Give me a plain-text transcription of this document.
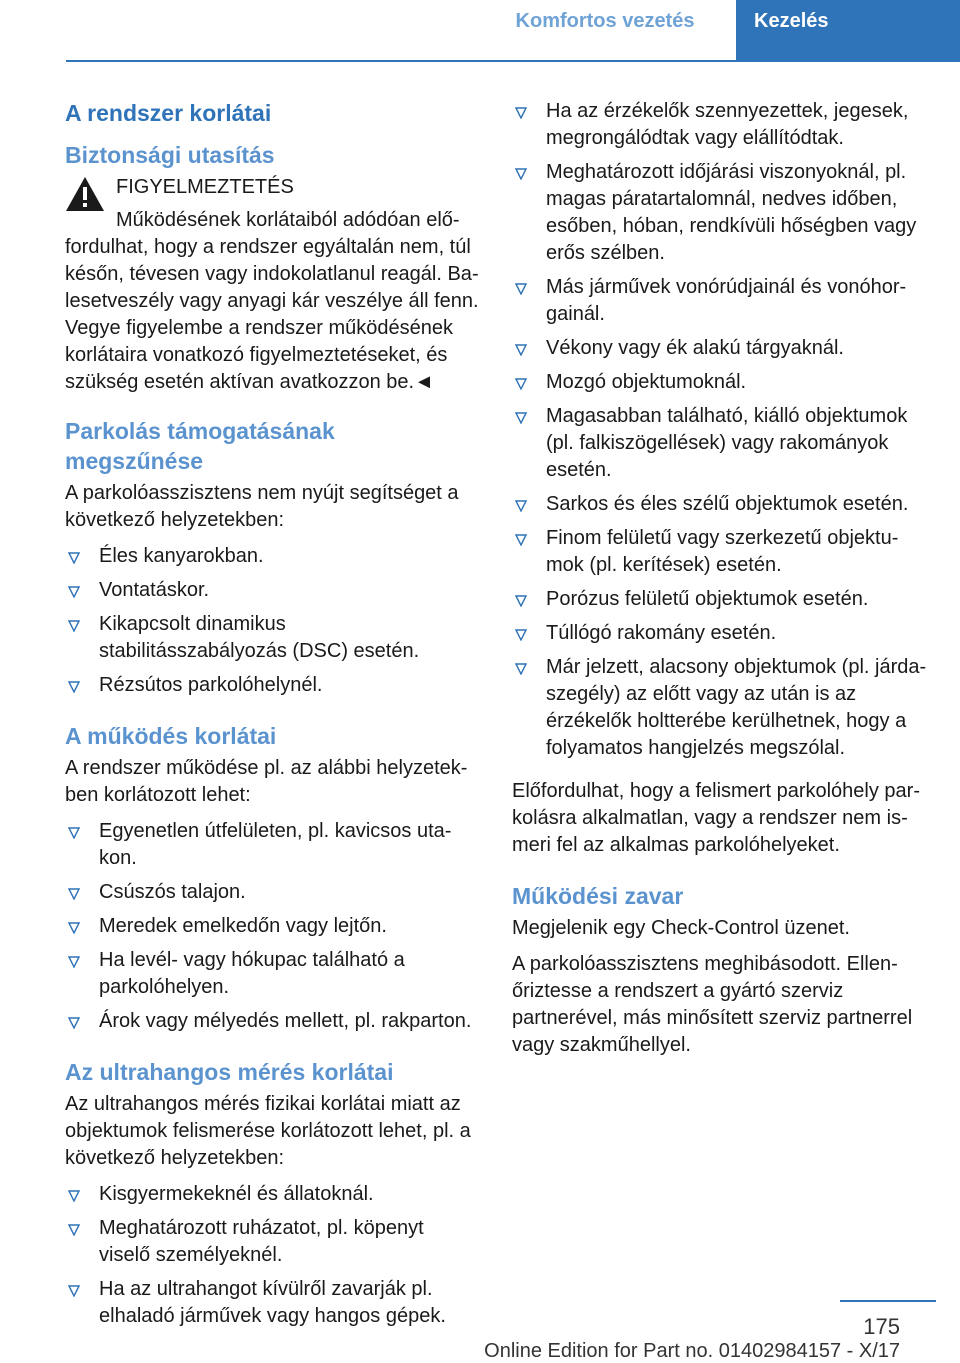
Komfortos vezetés	Kezelés
A rendszer korlátai
Biztonsági utasítás
FIGYELMEZTETÉS

Működésének korlátaiból adódóan előfordulhat, hogy a rendszer egyáltalán nem, túl későn, tévesen vagy indokolatlanul reagál. Balesetveszély vagy anyagi kár veszélye áll fenn. Vegye figyelembe a rendszer működésének korlátaira vonatkozó figyelmeztetéseket, és szükség esetén aktívan avatkozzon be.◄

Parkolás támogatásának megszűnése

A parkolóasszisztens nem nyújt segítséget a következő helyzetekben:

Éles kanyarokban.
Vontatáskor.
Kikapcsolt dinamikus stabilitásszabályozás (DSC) esetén.
Rézsútos parkolóhelynél.
A működés korlátai

A rendszer működése pl. az alábbi helyzetekben korlátozott lehet:

Egyenetlen útfelületen, pl. kavicsos utakon.
Csúszós talajon.
Meredek emelkedőn vagy lejtőn.
Ha levél- vagy hókupac található a parkolóhelyen.
Árok vagy mélyedés mellett, pl. rakparton.
Az ultrahangos mérés korlátai

Az ultrahangos mérés fizikai korlátai miatt az objektumok felismerése korlátozott lehet, pl. a következő helyzetekben:

Kisgyermekeknél és állatoknál.
Meghatározott ruházatot, pl. köpenyt viselő személyeknél.
Ha az ultrahangot kívülről zavarják pl. elhaladó járművek vagy hangos gépek.
Ha az érzékelők szennyezettek, jegesek, megrongálódtak vagy elállítódtak.
Meghatározott időjárási viszonyoknál, pl. magas páratartalomnál, nedves időben, esőben, hóban, rendkívüli hőségben vagy erős szélben.
Más járművek vonórúdjainál és vonóhorgainál.
Vékony vagy ék alakú tárgyaknál.
Mozgó objektumoknál.
Magasabban található, kiálló objektumok (pl. falkiszögellések) vagy rakományok esetén.
Sarkos és éles szélű objektumok esetén.
Finom felületű vagy szerkezetű objektumok (pl. kerítések) esetén.
Porózus felületű objektumok esetén.
Túllógó rakomány esetén.
Már jelzett, alacsony objektumok (pl. járdaszegély) az előtt vagy az után is az érzékelők holtterébe kerülhetnek, hogy a folyamatos hangjelzés megszólal.

Előfordulhat, hogy a felismert parkolóhely parkolásra alkalmatlan, vagy a rendszer nem ismeri fel az alkalmas parkolóhelyeket.

Működési zavar

Megjelenik egy Check-Control üzenet.

A parkolóasszisztens meghibásodott. Ellenőriztesse a rendszert a gyártó szerviz partnerével, más minősített szerviz partnerrel vagy szakműhellyel.

175
Online Edition for Part no. 01402984157 - X/17
